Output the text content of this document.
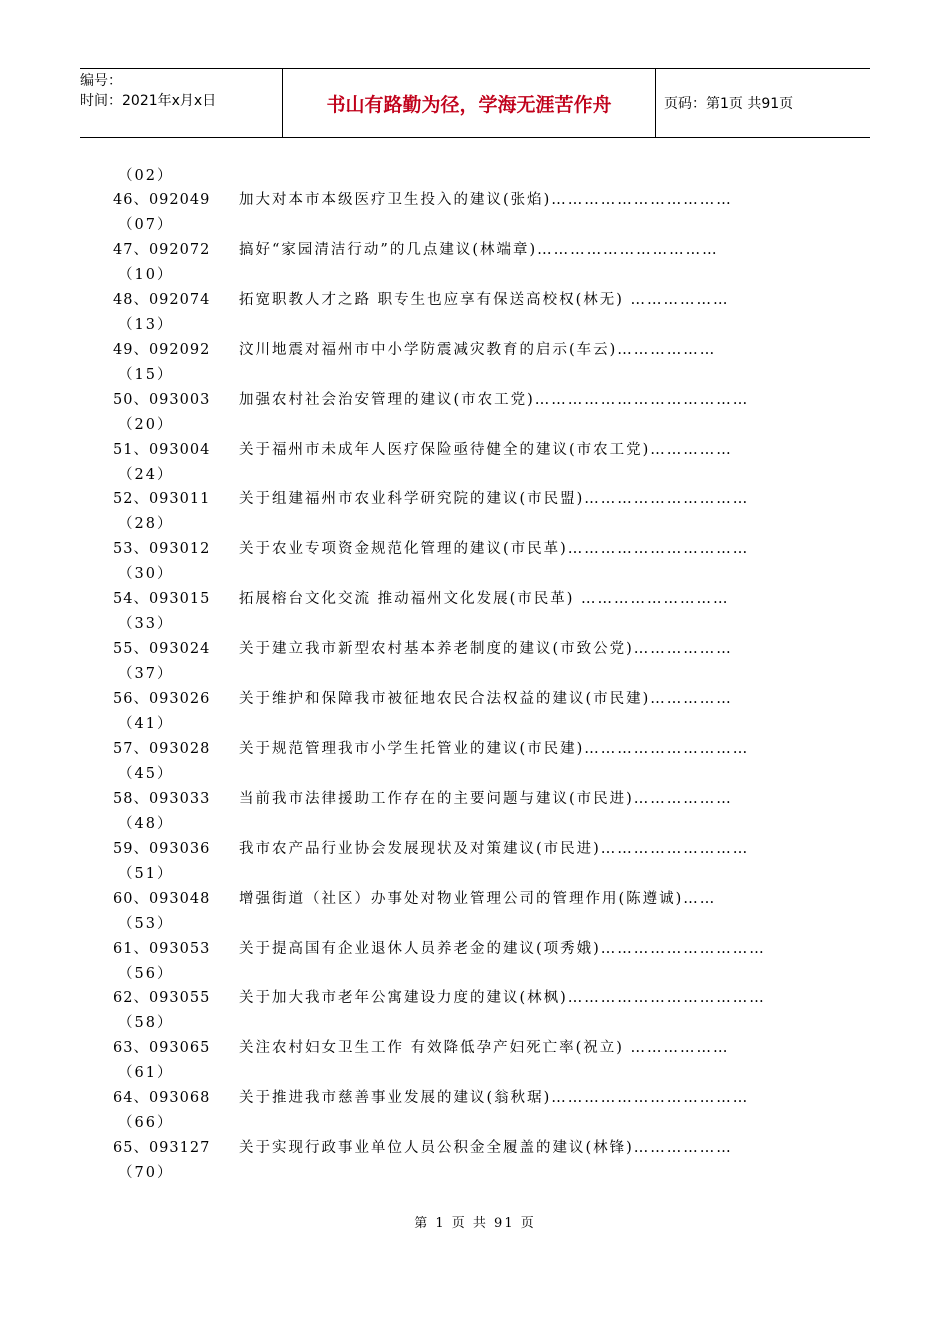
编号：
时间：2021年x月x日	书山有路勤为径，学海无涯苦作舟	页码：第1页 共91页
（02）
46、092049 加大对本市本级医疗卫生投入的建议(张焰)……………………………
（07）
47、092072 搞好“家园清洁行动”的几点建议(林端章)……………………………
（10）
48、092074 拓宽职教人才之路 职专生也应享有保送高校权(林无) ………………
（13）
49、092092 汶川地震对福州市中小学防震减灾教育的启示(车云)………………
（15）
50、093003 加强农村社会治安管理的建议(市农工党)…………………………………
（20）
51、093004 关于福州市未成年人医疗保险亟待健全的建议(市农工党)……………
（24）
52、093011 关于组建福州市农业科学研究院的建议(市民盟)…………………………
（28）
53、093012 关于农业专项资金规范化管理的建议(市民革)……………………………
（30）
54、093015 拓展榕台文化交流 推动福州文化发展(市民革) ………………………
（33）
55、093024 关于建立我市新型农村基本养老制度的建议(市致公党)………………
（37）
56、093026 关于维护和保障我市被征地农民合法权益的建议(市民建)……………
（41）
57、093028 关于规范管理我市小学生托管业的建议(市民建)…………………………
（45）
58、093033 当前我市法律援助工作存在的主要问题与建议(市民进)………………
（48）
59、093036 我市农产品行业协会发展现状及对策建议(市民进)………………………
（51）
60、093048 增强街道（社区）办事处对物业管理公司的管理作用(陈遵诚)……
（53）
61、093053 关于提高国有企业退休人员养老金的建议(项秀娥)…………………………
（56）
62、093055 关于加大我市老年公寓建设力度的建议(林枫)………………………………
（58）
63、093065 关注农村妇女卫生工作 有效降低孕产妇死亡率(祝立) ………………
（61）
64、093068 关于推进我市慈善事业发展的建议(翁秋琚)………………………………
（66）
65、093127 关于实现行政事业单位人员公积金全履盖的建议(林锋)………………
（70）
第 1 页 共 91 页
